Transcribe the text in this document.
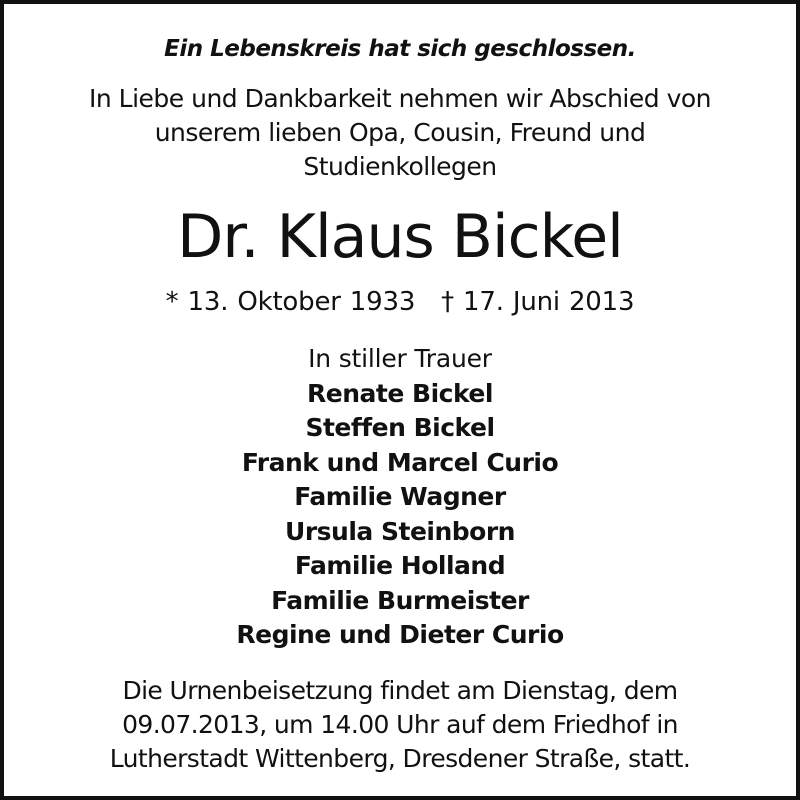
Ein Lebenskreis hat sich geschlossen.
In Liebe und Dankbarkeit nehmen wir Abschied von
unserem lieben Opa, Cousin, Freund und
Studienkollegen
Dr. Klaus Bickel
* 13. Oktober 1933 † 17. Juni 2013
In stiller Trauer
Renate Bickel
Steffen Bickel
Frank und Marcel Curio
Familie Wagner
Ursula Steinborn
Familie Holland
Familie Burmeister
Regine und Dieter Curio
Die Urnenbeisetzung findet am Dienstag, dem
09.07.2013, um 14.00 Uhr auf dem Friedhof in
Lutherstadt Wittenberg, Dresdener Straße, statt.
